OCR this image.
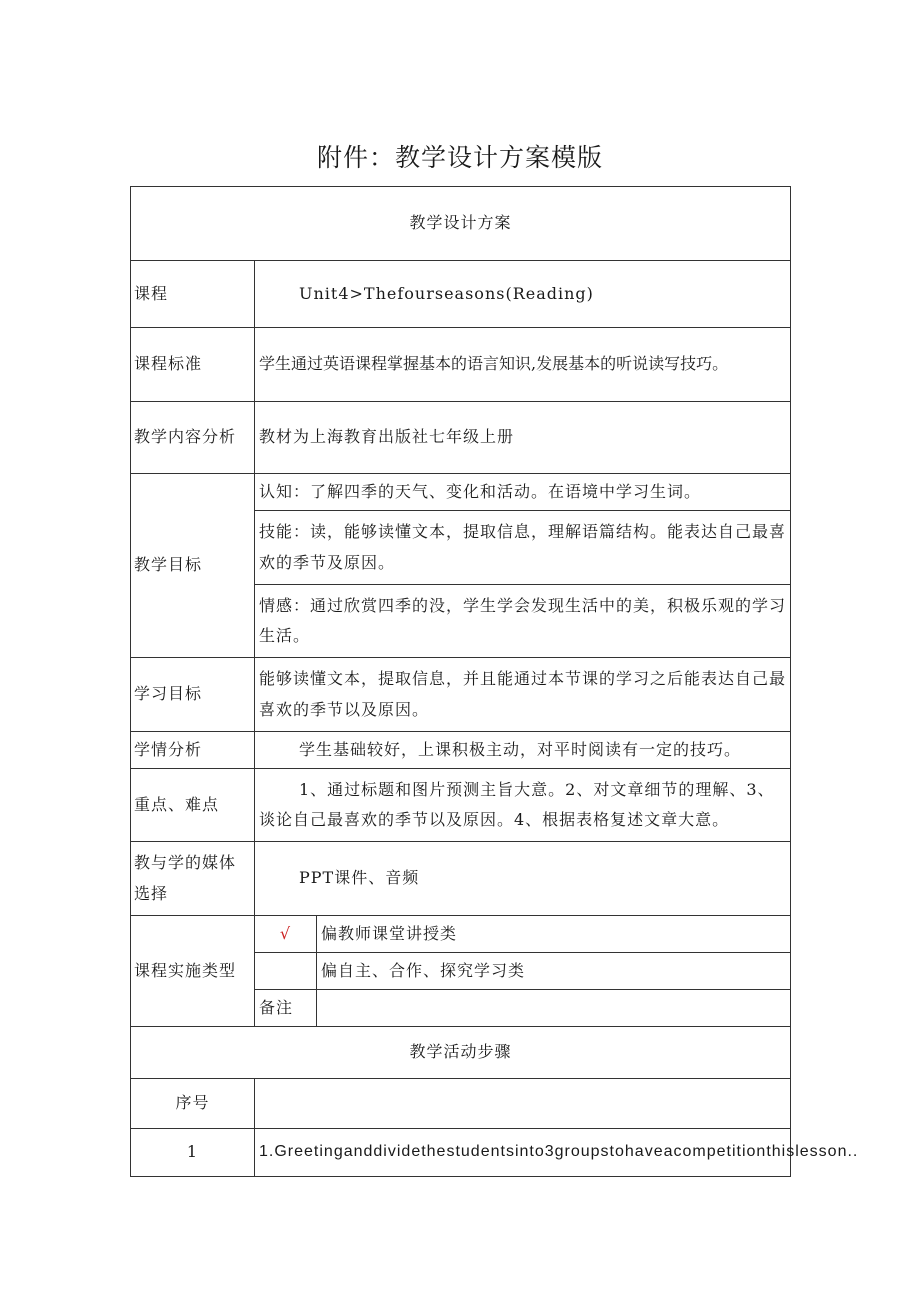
附件：教学设计方案模版
教学设计方案		
课程	Unit4>Thefourseasons(Reading)	
课程标准	学生通过英语课程掌握基本的语言知识,发展基本的听说读写技巧。	
教学内容分析	教材为上海教育出版社七年级上册	
教学目标	认知：了解四季的天气、变化和活动。在语境中学习生词。	
	技能：读，能够读懂文本，提取信息，理解语篇结构。能表达自己最喜欢的季节及原因。	
	情感：通过欣赏四季的没，学生学会发现生活中的美，积极乐观的学习生活。	
学习目标	能够读懂文本，提取信息，并且能通过本节课的学习之后能表达自己最喜欢的季节以及原因。	
学情分析	学生基础较好，上课积极主动，对平时阅读有一定的技巧。	
重点、难点	1、通过标题和图片预测主旨大意。2、对文章细节的理解、3、谈论自己最喜欢的季节以及原因。4、根据表格复述文章大意。	
教与学的媒体选择	PPT课件、音频	
课程实施类型	√	偏教师课堂讲授类
		偏自主、合作、探究学习类
	备注	
教学活动步骤		
序号		
1	1.Greetinganddividethestudentsinto3groupstohaveacompetitionthislesson..	
